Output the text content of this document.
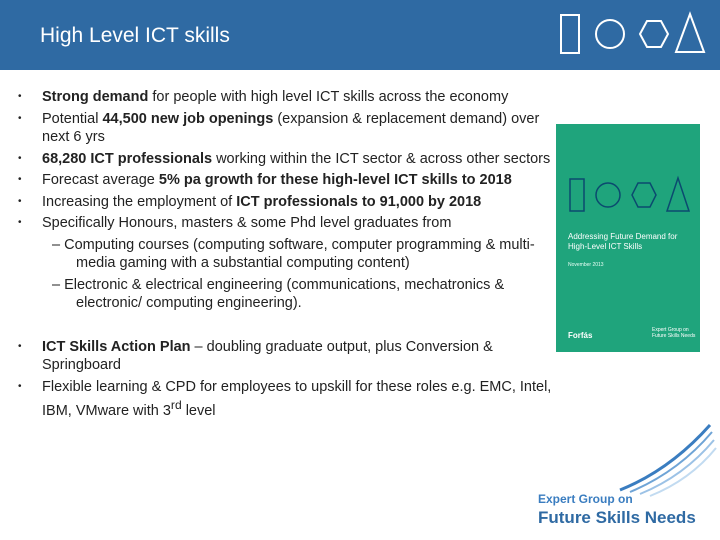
High Level ICT skills
• Strong demand for people with high level ICT skills across the economy
• Potential 44,500 new job openings (expansion & replacement demand) over next 6 yrs
• 68,280 ICT professionals working within the ICT sector & across other sectors
• Forecast average 5% pa growth for these high-level ICT skills to 2018
• Increasing the employment of ICT professionals to 91,000 by 2018
• Specifically Honours, masters & some Phd level graduates from
– Computing courses (computing software, computer programming & multi-media gaming with a substantial computing content)
– Electronic & electrical engineering (communications, mechatronics & electronic/ computing engineering).
• ICT Skills Action Plan – doubling graduate output, plus Conversion & Springboard
• Flexible learning & CPD for employees to upskill for these roles e.g. EMC, Intel, IBM, VMware with 3rd level
Addressing Future Demand for
High-Level ICT Skills
November 2013
Forfás
Expert Group on
Future Skills Needs
Expert Group on
Future Skills Needs
